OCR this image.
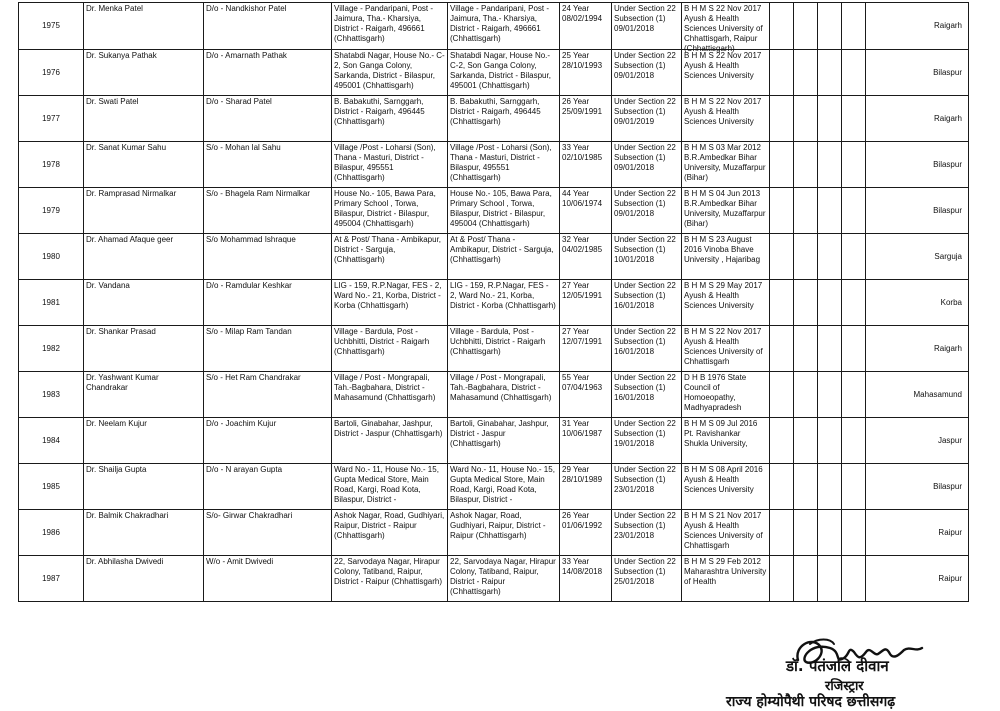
1975	Dr. Menka Patel	D/o - Nandkishor Patel	Village - Pandaripani, Post - Jaimura, Tha.- Kharsiya, District - Raigarh, 496661 (Chhattisgarh)	Village - Pandaripani, Post - Jaimura, Tha.- Kharsiya, District - Raigarh, 496661 (Chhattisgarh)	24 Year 08/02/1994	Under Section 22 Subsection (1) 09/01/2018	B H M S 22 Nov 2017 Ayush & Health Sciences University of Chhattisgarh, Raipur (Chhattisgarh)					Raigarh

1976	Dr. Sukanya Pathak	D/o - Amarnath Pathak	Shatabdi Nagar, House No.- C-2, Son Ganga Colony, Sarkanda, District - Bilaspur, 495001 (Chhattisgarh)	Shatabdi Nagar, House No.- C-2, Son Ganga Colony, Sarkanda, District - Bilaspur, 495001 (Chhattisgarh)	25 Year 28/10/1993	Under Section 22 Subsection (1) 09/01/2018	B H M S 22 Nov 2017 Ayush & Health Sciences University					Bilaspur

1977	Dr. Swati Patel	D/o - Sharad Patel	B. Babakuthi, Sarnggarh, District - Raigarh, 496445 (Chhattisgarh)	B. Babakuthi, Sarnggarh, District - Raigarh, 496445 (Chhattisgarh)	26 Year 25/09/1991	Under Section 22 Subsection (1) 09/01/2019	B H M S 22 Nov 2017 Ayush & Health Sciences University					Raigarh

1978	Dr. Sanat Kumar Sahu	S/o - Mohan lal Sahu	Village /Post - Loharsi (Son), Thana - Masturi, District - Bilaspur, 495551 (Chhattisgarh)	Village /Post - Loharsi (Son), Thana - Masturi, District - Bilaspur, 495551 (Chhattisgarh)	33 Year 02/10/1985	Under Section 22 Subsection (1) 09/01/2018	B H M S 03 Mar 2012 B.R.Ambedkar Bihar University, Muzaffarpur (Bihar)					Bilaspur

1979	Dr. Ramprasad Nirmalkar	S/o - Bhagela Ram Nirmalkar	House No.- 105, Bawa Para, Primary School , Torwa, Bilaspur, District - Bilaspur, 495004 (Chhattisgarh)	House No.- 105, Bawa Para, Primary School , Torwa, Bilaspur, District - Bilaspur, 495004 (Chhattisgarh)	44 Year 10/06/1974	Under Section 22 Subsection (1) 09/01/2018	B H M S 04 Jun 2013 B.R.Ambedkar Bihar University, Muzaffarpur (Bihar)					Bilaspur

1980	Dr. Ahamad Afaque geer	S/o Mohammad Ishraque	At & Post/ Thana - Ambikapur, District - Sarguja, (Chhattisgarh)	At & Post/ Thana - Ambikapur, District - Sarguja, (Chhattisgarh)	32 Year 04/02/1985	Under Section 22 Subsection (1) 10/01/2018	B H M S 23 August 2016 Vinoba Bhave University , Hajaribag					Sarguja

1981	Dr. Vandana	D/o - Ramdular Keshkar	LIG - 159, R.P.Nagar, FES - 2, Ward No.- 21, Korba, District - Korba (Chhattisgarh)	LIG - 159, R.P.Nagar, FES - 2, Ward No.- 21, Korba, District - Korba (Chhattisgarh)	27 Year 12/05/1991	Under Section 22 Subsection (1) 16/01/2018	B H M S 29 May 2017 Ayush & Health Sciences University					Korba

1982	Dr. Shankar Prasad	S/o - Milap Ram Tandan	Village - Bardula, Post - Uchbhitti, District - Raigarh (Chhattisgarh)	Village - Bardula, Post - Uchbhitti, District - Raigarh (Chhattisgarh)	27 Year 12/07/1991	Under Section 22 Subsection (1) 16/01/2018	B H M S 22 Nov 2017 Ayush & Health Sciences University of Chhattisgarh					Raigarh

1983	Dr. Yashwant Kumar Chandrakar	S/o - Het Ram Chandrakar	Village / Post - Mongrapali, Tah.-Bagbahara, District - Mahasamund (Chhattisgarh)	Village / Post - Mongrapali, Tah.-Bagbahara, District - Mahasamund (Chhattisgarh)	55 Year 07/04/1963	Under Section 22 Subsection (1) 16/01/2018	D H B 1976 State Council of Homoeopathy, Madhyapradesh					Mahasamund

1984	Dr. Neelam Kujur	D/o - Joachim Kujur	Bartoli, Ginabahar, Jashpur, District - Jaspur (Chhattisgarh)	Bartoli, Ginabahar, Jashpur, District - Jaspur (Chhattisgarh)	31 Year 10/06/1987	Under Section 22 Subsection (1) 19/01/2018	B H M S 09 Jul 2016 Pt. Ravishankar Shukla University,					Jaspur

1985	Dr. Shailja Gupta	D/o - N arayan Gupta	Ward No.- 11, House No.- 15, Gupta Medical Store, Main Road, Kargi, Road Kota, Bilaspur, District -	Ward No.- 11, House No.- 15, Gupta Medical Store, Main Road, Kargi, Road Kota, Bilaspur, District -	29 Year 28/10/1989	Under Section 22 Subsection (1) 23/01/2018	B H M S 08 April 2016 Ayush & Health Sciences University					Bilaspur

1986	Dr. Balmik Chakradhari	S/o- Girwar Chakradhari	Ashok Nagar, Road, Gudhiyari, Raipur, District - Raipur (Chhattisgarh)	Ashok Nagar, Road, Gudhiyari, Raipur, District - Raipur (Chhattisgarh)	26 Year 01/06/1992	Under Section 22 Subsection (1) 23/01/2018	B H M S 21 Nov 2017 Ayush & Health Sciences University of Chhattisgarh					Raipur

1987	Dr. Abhilasha Dwivedi	W/o - Amit Dwivedi	22, Sarvodaya Nagar, Hirapur Colony, Tatiband, Raipur, District - Raipur (Chhattisgarh)	22, Sarvodaya Nagar, Hirapur Colony, Tatiband, Raipur, District - Raipur (Chhattisgarh)	33 Year 14/08/2018	Under Section 22 Subsection (1) 25/01/2018	B H M S 29 Feb 2012 Maharashtra University of Health					Raipur
डॉ. पतंजलि दीवान
रजिस्ट्रार
राज्य होम्योपैथी परिषद छत्तीसगढ़
